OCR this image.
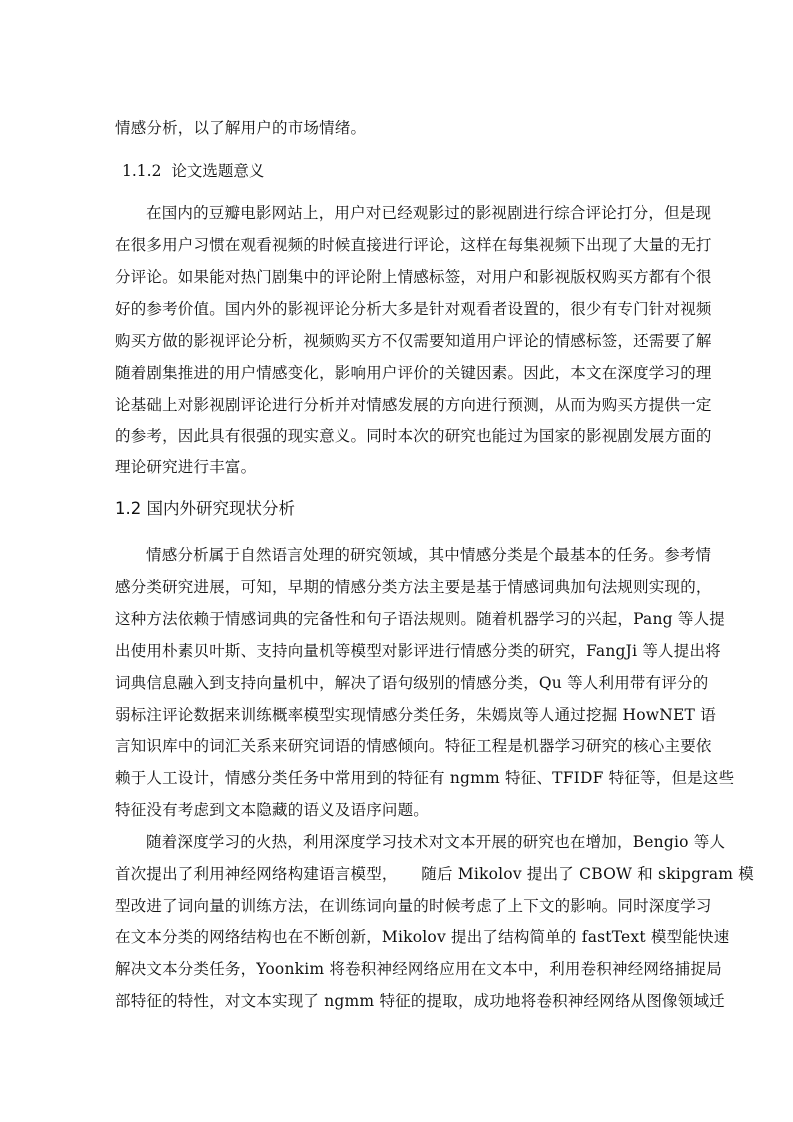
情感分析，以了解用户的市场情绪。
1.1.2 论文选题意义
在国内的豆瓣电影网站上，用户对已经观影过的影视剧进行综合评论打分，但是现
在很多用户习惯在观看视频的时候直接进行评论，这样在每集视频下出现了大量的无打
分评论。如果能对热门剧集中的评论附上情感标签，对用户和影视版权购买方都有个很
好的参考价值。国内外的影视评论分析大多是针对观看者设置的，很少有专门针对视频
购买方做的影视评论分析，视频购买方不仅需要知道用户评论的情感标签，还需要了解
随着剧集推进的用户情感变化，影响用户评价的关键因素。因此，本文在深度学习的理
论基础上对影视剧评论进行分析并对情感发展的方向进行预测，从而为购买方提供一定
的参考，因此具有很强的现实意义。同时本次的研究也能过为国家的影视剧发展方面的
理论研究进行丰富。
1.2 国内外研究现状分析
情感分析属于自然语言处理的研究领域，其中情感分类是个最基本的任务。参考情
感分类研究进展，可知，早期的情感分类方法主要是基于情感词典加句法规则实现的，
这种方法依赖于情感词典的完备性和句子语法规则。随着机器学习的兴起，Pang 等人提
出使用朴素贝叶斯、支持向量机等模型对影评进行情感分类的研究，FangJi 等人提出将
词典信息融入到支持向量机中，解决了语句级别的情感分类，Qu 等人利用带有评分的
弱标注评论数据来训练概率模型实现情感分类任务，朱嫣岚等人通过挖掘 HowNET 语
言知识库中的词汇关系来研究词语的情感倾向。特征工程是机器学习研究的核心主要依
赖于人工设计，情感分类任务中常用到的特征有 ngmm 特征、TFIDF 特征等，但是这些
特征没有考虑到文本隐藏的语义及语序问题。
随着深度学习的火热，利用深度学习技术对文本开展的研究也在增加，Bengio 等人
首次提出了利用神经网络构建语言模型，　　随后 Mikolov 提出了 CBOW 和 skipgram 模
型改进了词向量的训练方法，在训练词向量的时候考虑了上下文的影响。同时深度学习
在文本分类的网络结构也在不断创新，Mikolov 提出了结构简单的 fastText 模型能快速
解决文本分类任务，Yoonkim 将卷积神经网络应用在文本中，利用卷积神经网络捕捉局
部特征的特性，对文本实现了 ngmm 特征的提取，成功地将卷积神经网络从图像领域迁
